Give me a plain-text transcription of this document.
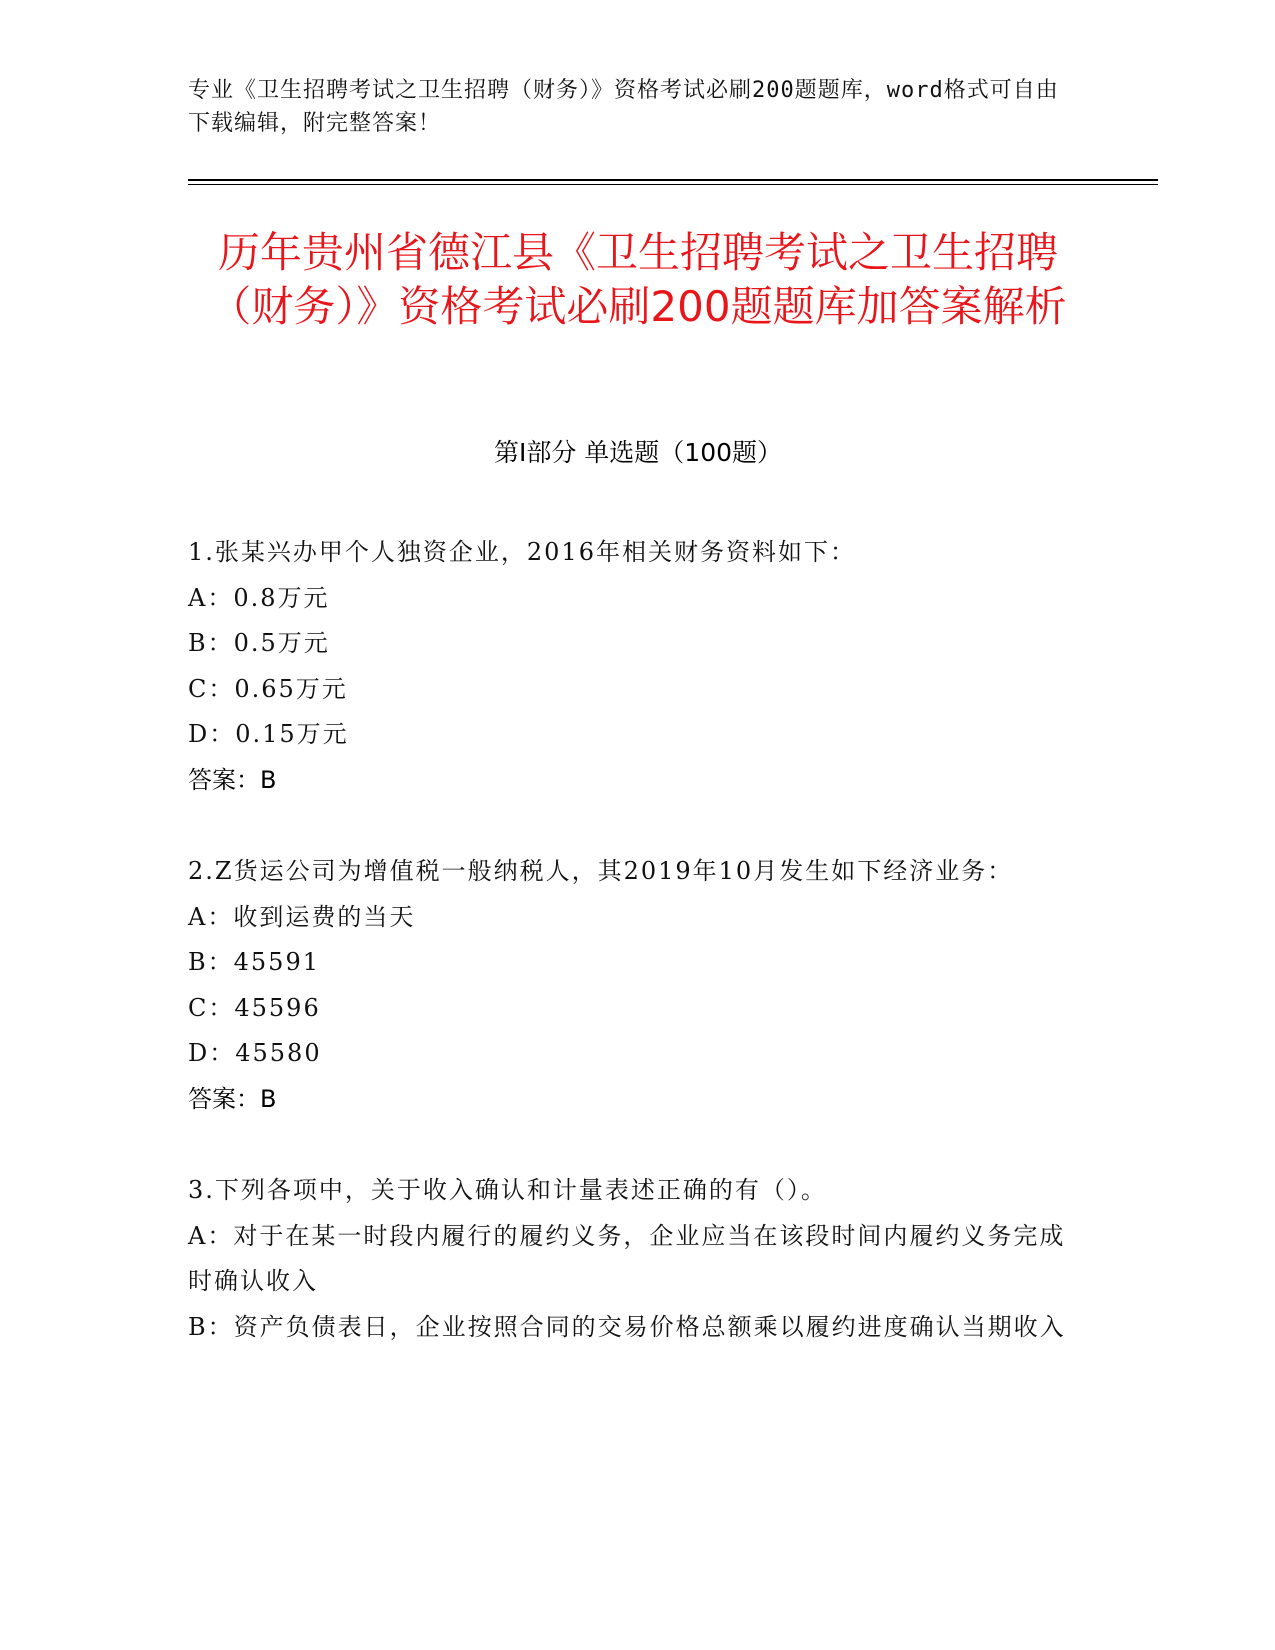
专业《卫生招聘考试之卫生招聘（财务）》资格考试必刷200题题库，word格式可自由下载编辑，附完整答案！
历年贵州省德江县《卫生招聘考试之卫生招聘（财务）》资格考试必刷200题题库加答案解析
第I部分 单选题（100题）
1.张某兴办甲个人独资企业，2016年相关财务资料如下：
A：0.8万元
B：0.5万元
C：0.65万元
D：0.15万元
答案：B
2.Z货运公司为增值税一般纳税人，其2019年10月发生如下经济业务：
A：收到运费的当天
B：45591
C：45596
D：45580
答案：B
3.下列各项中，关于收入确认和计量表述正确的有（）。
A：对于在某一时段内履行的履约义务，企业应当在该段时间内履约义务完成时确认收入
B：资产负债表日，企业按照合同的交易价格总额乘以履约进度确认当期收入
